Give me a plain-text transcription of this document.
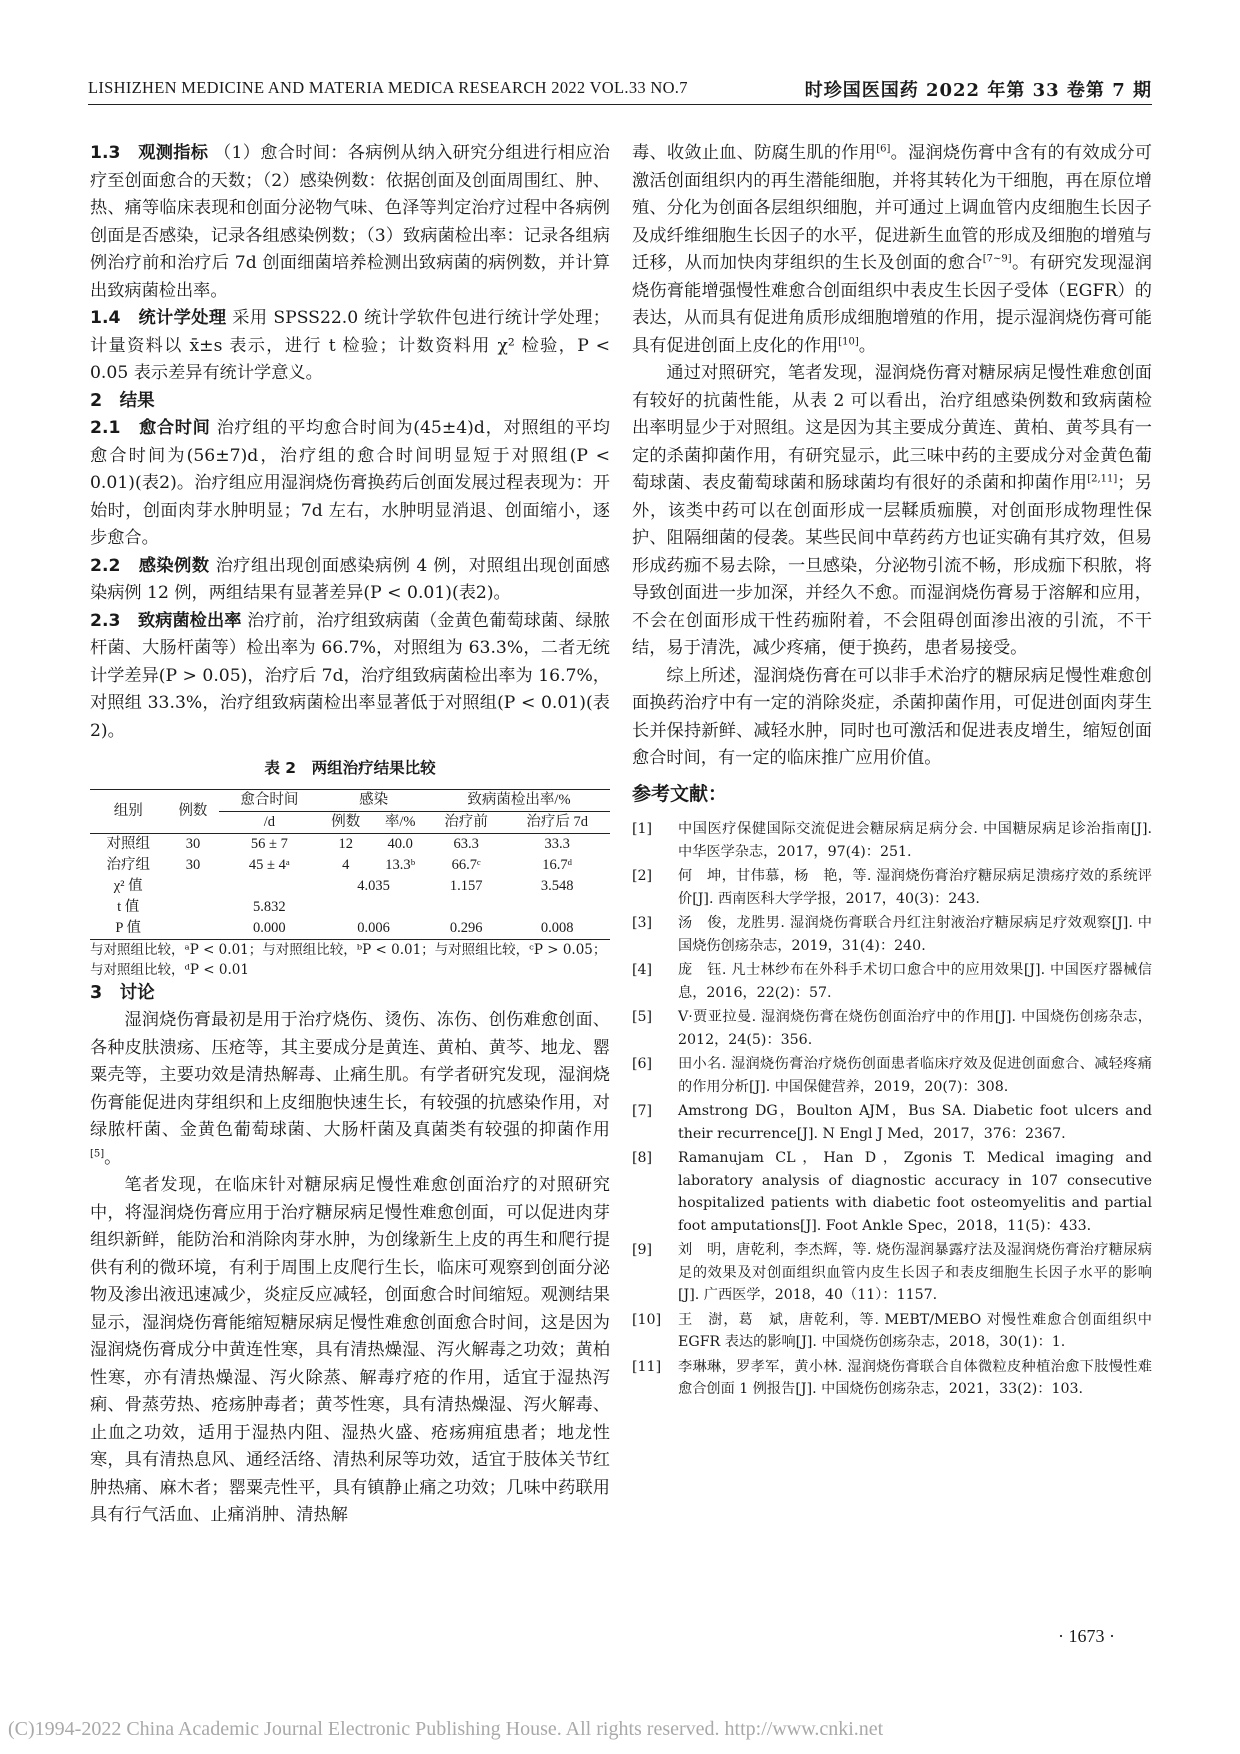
LISHIZHEN MEDICINE AND MATERIA MEDICA RESEARCH 2022 VOL.33 NO.7	时珍国医国药 2022 年第 33 卷第 7 期

1.3　观测指标 （1）愈合时间：各病例从纳入研究分组进行相应治疗至创面愈合的天数；（2）感染例数：依据创面及创面周围红、肿、热、痛等临床表现和创面分泌物气味、色泽等判定治疗过程中各病例创面是否感染，记录各组感染例数；（3）致病菌检出率：记录各组病例治疗前和治疗后 7d 创面细菌培养检测出致病菌的病例数，并计算出致病菌检出率。

1.4　统计学处理 采用 SPSS22.0 统计学软件包进行统计学处理；计量资料以 x̄±s 表示，进行 t 检验；计数资料用 χ² 检验，P < 0.05 表示差异有统计学意义。

2　结果

2.1　愈合时间 治疗组的平均愈合时间为(45±4)d，对照组的平均愈合时间为(56±7)d，治疗组的愈合时间明显短于对照组(P < 0.01)(表2)。治疗组应用湿润烧伤膏换药后创面发展过程表现为：开始时，创面肉芽水肿明显；7d 左右，水肿明显消退、创面缩小，逐步愈合。

2.2　感染例数 治疗组出现创面感染病例 4 例，对照组出现创面感染病例 12 例，两组结果有显著差异(P < 0.01)(表2)。

2.3　致病菌检出率 治疗前，治疗组致病菌（金黄色葡萄球菌、绿脓杆菌、大肠杆菌等）检出率为 66.7%，对照组为 63.3%，二者无统计学差异(P > 0.05)，治疗后 7d，治疗组致病菌检出率为 16.7%，对照组 33.3%，治疗组致病菌检出率显著低于对照组(P < 0.01)(表2)。

表 2　两组治疗结果比较
组别	例数	愈合时间	感染		致病菌检出率/%	
		/d	例数	率/%	治疗前	治疗后 7d
对照组	30	56 ± 7	12	40.0	63.3	33.3
治疗组	30	45 ± 4ᵃ	4	13.3ᵇ	66.7ᶜ	16.7ᵈ
χ² 值			4.035		1.157	3.548
t 值		5.832				
P 值		0.000	0.006		0.296	0.008

与对照组比较，ᵃP < 0.01；与对照组比较，ᵇP < 0.01；与对照组比较，ᶜP > 0.05；与对照组比较，ᵈP < 0.01

3　讨论

湿润烧伤膏最初是用于治疗烧伤、烫伤、冻伤、创伤难愈创面、各种皮肤溃疡、压疮等，其主要成分是黄连、黄柏、黄芩、地龙、罂粟壳等，主要功效是清热解毒、止痛生肌。有学者研究发现，湿润烧伤膏能促进肉芽组织和上皮细胞快速生长，有较强的抗感染作用，对绿脓杆菌、金黄色葡萄球菌、大肠杆菌及真菌类有较强的抑菌作用[5]。

笔者发现，在临床针对糖尿病足慢性难愈创面治疗的对照研究中，将湿润烧伤膏应用于治疗糖尿病足慢性难愈创面，可以促进肉芽组织新鲜，能防治和消除肉芽水肿，为创缘新生上皮的再生和爬行提供有利的微环境，有利于周围上皮爬行生长，临床可观察到创面分泌物及渗出液迅速减少，炎症反应减轻，创面愈合时间缩短。观测结果显示，湿润烧伤膏能缩短糖尿病足慢性难愈创面愈合时间，这是因为湿润烧伤膏成分中黄连性寒，具有清热燥湿、泻火解毒之功效；黄柏性寒，亦有清热燥湿、泻火除蒸、解毒疗疮的作用，适宜于湿热泻痢、骨蒸劳热、疮疡肿毒者；黄芩性寒，具有清热燥湿、泻火解毒、止血之功效，适用于湿热内阻、湿热火盛、疮疡痈疽患者；地龙性寒，具有清热息风、通经活络、清热利尿等功效，适宜于肢体关节红肿热痛、麻木者；罂粟壳性平，具有镇静止痛之功效；几味中药联用具有行气活血、止痛消肿、清热解

毒、收敛止血、防腐生肌的作用[6]。湿润烧伤膏中含有的有效成分可激活创面组织内的再生潜能细胞，并将其转化为干细胞，再在原位增殖、分化为创面各层组织细胞，并可通过上调血管内皮细胞生长因子及成纤维细胞生长因子的水平，促进新生血管的形成及细胞的增殖与迁移，从而加快肉芽组织的生长及创面的愈合[7~9]。有研究发现湿润烧伤膏能增强慢性难愈合创面组织中表皮生长因子受体（EGFR）的表达，从而具有促进角质形成细胞增殖的作用，提示湿润烧伤膏可能具有促进创面上皮化的作用[10]。

通过对照研究，笔者发现，湿润烧伤膏对糖尿病足慢性难愈创面有较好的抗菌性能，从表 2 可以看出，治疗组感染例数和致病菌检出率明显少于对照组。这是因为其主要成分黄连、黄柏、黄芩具有一定的杀菌抑菌作用，有研究显示，此三味中药的主要成分对金黄色葡萄球菌、表皮葡萄球菌和肠球菌均有很好的杀菌和抑菌作用[2,11]；另外，该类中药可以在创面形成一层鞣质痂膜，对创面形成物理性保护、阻隔细菌的侵袭。某些民间中草药药方也证实确有其疗效，但易形成药痂不易去除，一旦感染，分泌物引流不畅，形成痂下积脓，将导致创面进一步加深，并经久不愈。而湿润烧伤膏易于溶解和应用，不会在创面形成干性药痂附着，不会阻碍创面渗出液的引流，不干结，易于清洗，减少疼痛，便于换药，患者易接受。

综上所述，湿润烧伤膏在可以非手术治疗的糖尿病足慢性难愈创面换药治疗中有一定的消除炎症，杀菌抑菌作用，可促进创面肉芽生长并保持新鲜、减轻水肿，同时也可激活和促进表皮增生，缩短创面愈合时间，有一定的临床推广应用价值。

参考文献：
[1]	中国医疗保健国际交流促进会糖尿病足病分会. 中国糖尿病足诊治指南[J]. 中华医学杂志，2017，97(4)：251.
[2]	何　坤，甘伟慕，杨　艳，等. 湿润烧伤膏治疗糖尿病足溃疡疗效的系统评价[J]. 西南医科大学学报，2017，40(3)：243.
[3]	汤　俊，龙胜男. 湿润烧伤膏联合丹红注射液治疗糖尿病足疗效观察[J]. 中国烧伤创疡杂志，2019，31(4)：240.
[4]	庞　钰. 凡士林纱布在外科手术切口愈合中的应用效果[J]. 中国医疗器械信息，2016，22(2)：57.
[5]	V·贾亚拉曼. 湿润烧伤膏在烧伤创面治疗中的作用[J]. 中国烧伤创疡杂志，2012，24(5)：356.
[6]	田小名. 湿润烧伤膏治疗烧伤创面患者临床疗效及促进创面愈合、减轻疼痛的作用分析[J]. 中国保健营养，2019，20(7)：308.
[7]	Amstrong DG，Boulton AJM，Bus SA. Diabetic foot ulcers and their recurrence[J]. N Engl J Med，2017，376：2367.
[8]	Ramanujam CL，Han D，Zgonis T. Medical imaging and laboratory analysis of diagnostic accuracy in 107 consecutive hospitalized patients with diabetic foot osteomyelitis and partial foot amputations[J]. Foot Ankle Spec，2018，11(5)：433.
[9]	刘　明，唐乾利，李杰辉，等. 烧伤湿润暴露疗法及湿润烧伤膏治疗糖尿病足的效果及对创面组织血管内皮生长因子和表皮细胞生长因子水平的影响[J]. 广西医学，2018，40（11）：1157.
[10]	王　澍，葛　斌，唐乾利，等. MEBT/MEBO 对慢性难愈合创面组织中 EGFR 表达的影响[J]. 中国烧伤创疡杂志，2018，30(1)：1.
[11]	李琳琳，罗孝军，黄小林. 湿润烧伤膏联合自体微粒皮种植治愈下肢慢性难愈合创面 1 例报告[J]. 中国烧伤创疡杂志，2021，33(2)：103.
· 1673 ·
(C)1994-2022 China Academic Journal Electronic Publishing House. All rights reserved. http://www.cnki.net
